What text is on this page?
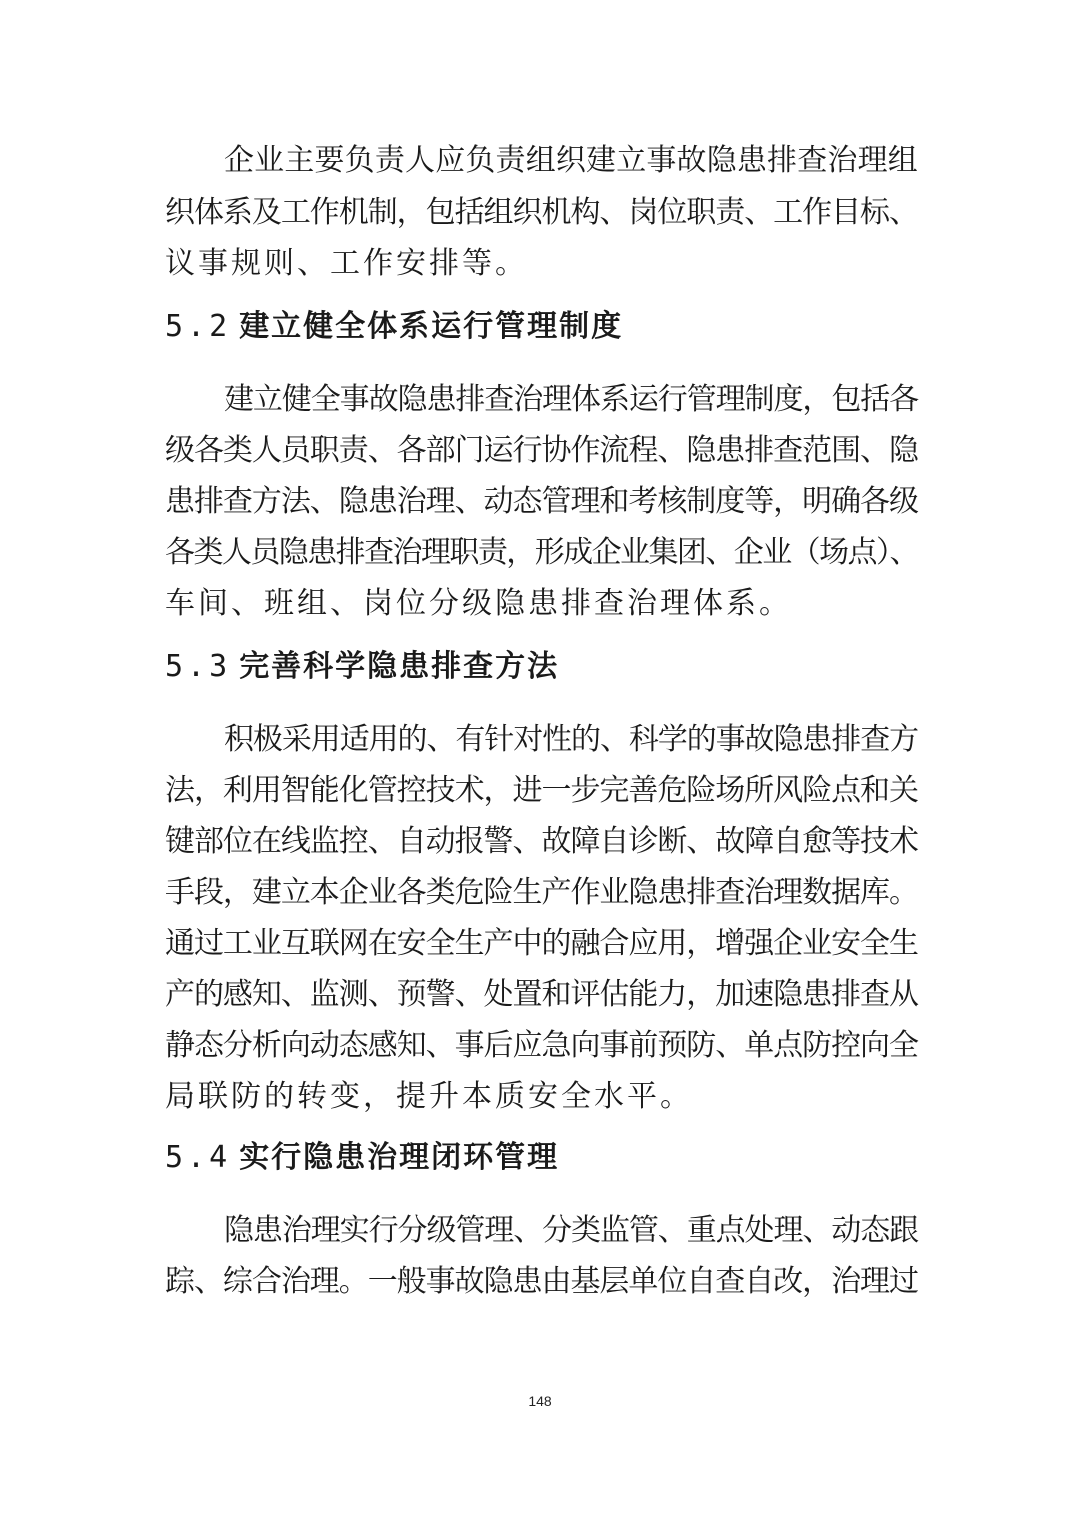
企业主要负责人应负责组织建立事故隐患排查治理组
织体系及工作机制，包括组织机构、岗位职责、工作目标、
议事规则、工作安排等。
5.2 建立健全体系运行管理制度
建立健全事故隐患排查治理体系运行管理制度，包括各
级各类人员职责、各部门运行协作流程、隐患排查范围、隐
患排查方法、隐患治理、动态管理和考核制度等，明确各级
各类人员隐患排查治理职责，形成企业集团、企业（场点）、
车间、班组、岗位分级隐患排查治理体系。
5.3 完善科学隐患排查方法
积极采用适用的、有针对性的、科学的事故隐患排查方
法，利用智能化管控技术，进一步完善危险场所风险点和关
键部位在线监控、自动报警、故障自诊断、故障自愈等技术
手段，建立本企业各类危险生产作业隐患排查治理数据库。
通过工业互联网在安全生产中的融合应用，增强企业安全生
产的感知、监测、预警、处置和评估能力，加速隐患排查从
静态分析向动态感知、事后应急向事前预防、单点防控向全
局联防的转变，提升本质安全水平。
5.4 实行隐患治理闭环管理
隐患治理实行分级管理、分类监管、重点处理、动态跟
踪、综合治理。一般事故隐患由基层单位自查自改，治理过
148
